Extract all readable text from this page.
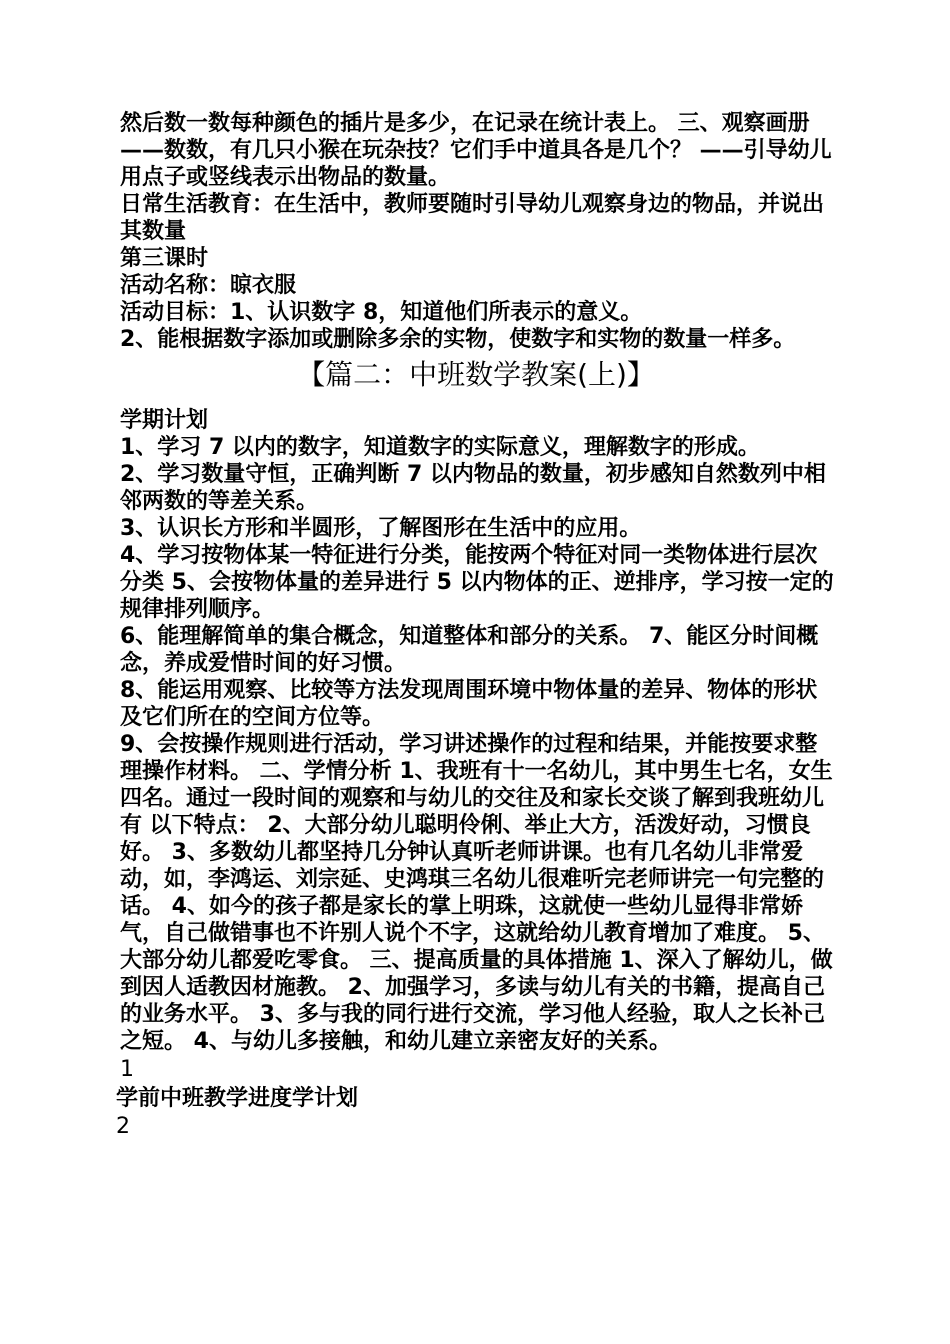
然后数一数每种颜色的插片是多少，在记录在统计表上。 三、观察画册

——数数，有几只小猴在玩杂技？它们手中道具各是几个？ ——引导幼儿用点子或竖线表示出物品的数量。

日常生活教育：在生活中，教师要随时引导幼儿观察身边的物品，并说出其数量

第三课时

活动名称：晾衣服

活动目标：1、认识数字 8，知道他们所表示的意义。

2、能根据数字添加或删除多余的实物，使数字和实物的数量一样多。

【篇二：中班数学教案(上)】

学期计划

1、学习 7 以内的数字，知道数字的实际意义，理解数字的形成。

2、学习数量守恒，正确判断 7 以内物品的数量，初步感知自然数列中相邻两数的等差关系。

3、认识长方形和半圆形，了解图形在生活中的应用。

4、学习按物体某一特征进行分类，能按两个特征对同一类物体进行层次分类 5、会按物体量的差异进行 5 以内物体的正、逆排序，学习按一定的规律排列顺序。

6、能理解简单的集合概念，知道整体和部分的关系。 7、能区分时间概念，养成爱惜时间的好习惯。

8、能运用观察、比较等方法发现周围环境中物体量的差异、物体的形状及它们所在的空间方位等。

9、会按操作规则进行活动，学习讲述操作的过程和结果，并能按要求整理操作材料。 二、学情分析 1、我班有十一名幼儿，其中男生七名，女生四名。通过一段时间的观察和与幼儿的交往及和家长交谈了解到我班幼儿有 以下特点： 2、大部分幼儿聪明伶俐、举止大方，活泼好动，习惯良好。 3、多数幼儿都坚持几分钟认真听老师讲课。也有几名幼儿非常爱动，如，李鸿运、刘宗延、史鸿琪三名幼儿很难听完老师讲完一句完整的话。 4、如今的孩子都是家长的掌上明珠，这就使一些幼儿显得非常娇气，自己做错事也不许别人说个不字，这就给幼儿教育增加了难度。 5、大部分幼儿都爱吃零食。 三、提高质量的具体措施 1、深入了解幼儿，做到因人适教因材施教。 2、加强学习，多读与幼儿有关的书籍，提高自己的业务水平。 3、多与我的同行进行交流，学习他人经验，取人之长补己之短。 4、与幼儿多接触，和幼儿建立亲密友好的关系。

1

学前中班教学进度学计划

2
